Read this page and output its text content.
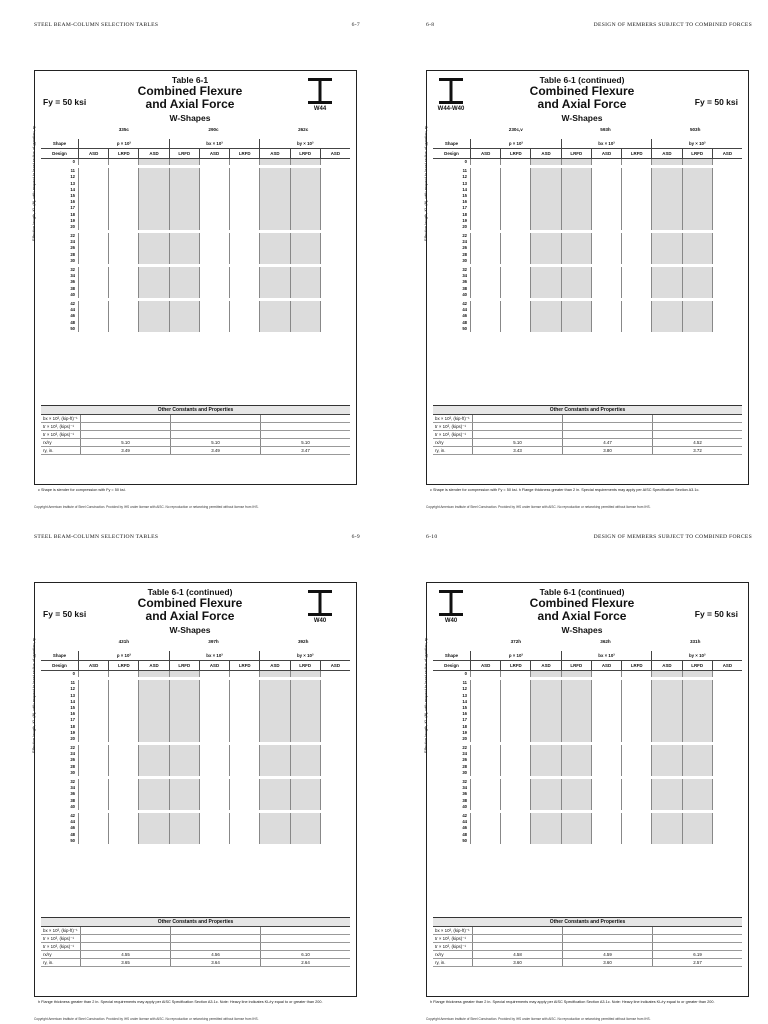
STEEL BEAM-COLUMN SELECTION TABLES	6-7
Fy = 50 ksi
Table 6-1
Combined Flexure
and Axial Force
W-Shapes
W44
335c	290c	262c
Shape	p × 10³	bx × 10³	by × 10³
Design	ASD	LRFD	ASD	LRFD	ASD	LRFD	ASD	LRFD	ASD
0
11
12
13
14
15
16
17
18
19
20
22
24
26
28
30
32
34
36
38
40
42
44
46
48
50
Effective length, KL (ft), with respect to least radius of gyration, ry
Other Constants and Properties
bx × 10³, (kip-ft)⁻¹
tr × 10³, (kips)⁻¹
tr × 10³, (kips)⁻¹
rx/ry	5.10	5.10	5.10
ry, in.	3.49	3.49	3.47
c Shape is slender for compression with Fy = 50 ksi.
Copyright American Institute of Steel Construction. Provided by IHS under license with AISC. No reproduction or networking permitted without license from IHS.
DESIGN OF MEMBERS SUBJECT TO COMBINED FORCES
6-8
Fy = 50 ksi
Table 6-1 (continued)
Combined Flexure
and Axial Force
W-Shapes
W44-W40
230c,v	593h	503h
Shape	p × 10³	bx × 10³	by × 10³
Design	ASD	LRFD	ASD	LRFD	ASD	LRFD	ASD	LRFD	ASD
0
11
12
13
14
15
16
17
18
19
20
22
24
26
28
30
32
34
36
38
40
42
44
46
48
50
Effective length, KL (ft), with respect to least radius of gyration, ry
Other Constants and Properties
bx × 10³, (kip-ft)⁻¹
tr × 10³, (kips)⁻¹
tr × 10³, (kips)⁻¹
rx/ry	5.10	4.47	4.52
ry, in.	3.43	3.80	3.72
c Shape is slender for compression with Fy = 50 ksi. h Flange thickness greater than 2 in. Special requirements may apply per AISC Specification Section A3.1c.
Copyright American Institute of Steel Construction. Provided by IHS under license with AISC. No reproduction or networking permitted without license from IHS.
STEEL BEAM-COLUMN SELECTION TABLES	6-9
Fy = 50 ksi
Table 6-1 (continued)
Combined Flexure
and Axial Force
W-Shapes
W40
431h	397h	392h
Shape	p × 10³	bx × 10³	by × 10³
Design	ASD	LRFD	ASD	LRFD	ASD	LRFD	ASD	LRFD	ASD
0
11
12
13
14
15
16
17
18
19
20
22
24
26
28
30
32
34
36
38
40
42
44
46
48
50
Effective length, KL (ft), with respect to least radius of gyration, ry
Other Constants and Properties
bx × 10³, (kip-ft)⁻¹
tr × 10³, (kips)⁻¹
tr × 10³, (kips)⁻¹
rx/ry	4.55	4.56	6.10
ry, in.	3.65	3.64	2.64
h Flange thickness greater than 2 in. Special requirements may apply per AISC Specification Section A3.1c. Note: Heavy line indicates KL/ry equal to or greater than 200.
Copyright American Institute of Steel Construction. Provided by IHS under license with AISC. No reproduction or networking permitted without license from IHS.
DESIGN OF MEMBERS SUBJECT TO COMBINED FORCES
6-10
Fy = 50 ksi
Table 6-1 (continued)
Combined Flexure
and Axial Force
W-Shapes
W40
372h	362h	331h
Shape	p × 10³	bx × 10³	by × 10³
Design	ASD	LRFD	ASD	LRFD	ASD	LRFD	ASD	LRFD	ASD
0
11
12
13
14
15
16
17
18
19
20
22
24
26
28
30
32
34
36
38
40
42
44
46
48
50
Effective length, KL (ft), with respect to least radius of gyration, ry
Other Constants and Properties
bx × 10³, (kip-ft)⁻¹
tr × 10³, (kips)⁻¹
tr × 10³, (kips)⁻¹
rx/ry	4.58	4.59	6.19
ry, in.	3.60	3.60	2.57
h Flange thickness greater than 2 in. Special requirements may apply per AISC Specification Section A3.1c. Note: Heavy line indicates KL/ry equal to or greater than 200.
Copyright American Institute of Steel Construction. Provided by IHS under license with AISC. No reproduction or networking permitted without license from IHS.
